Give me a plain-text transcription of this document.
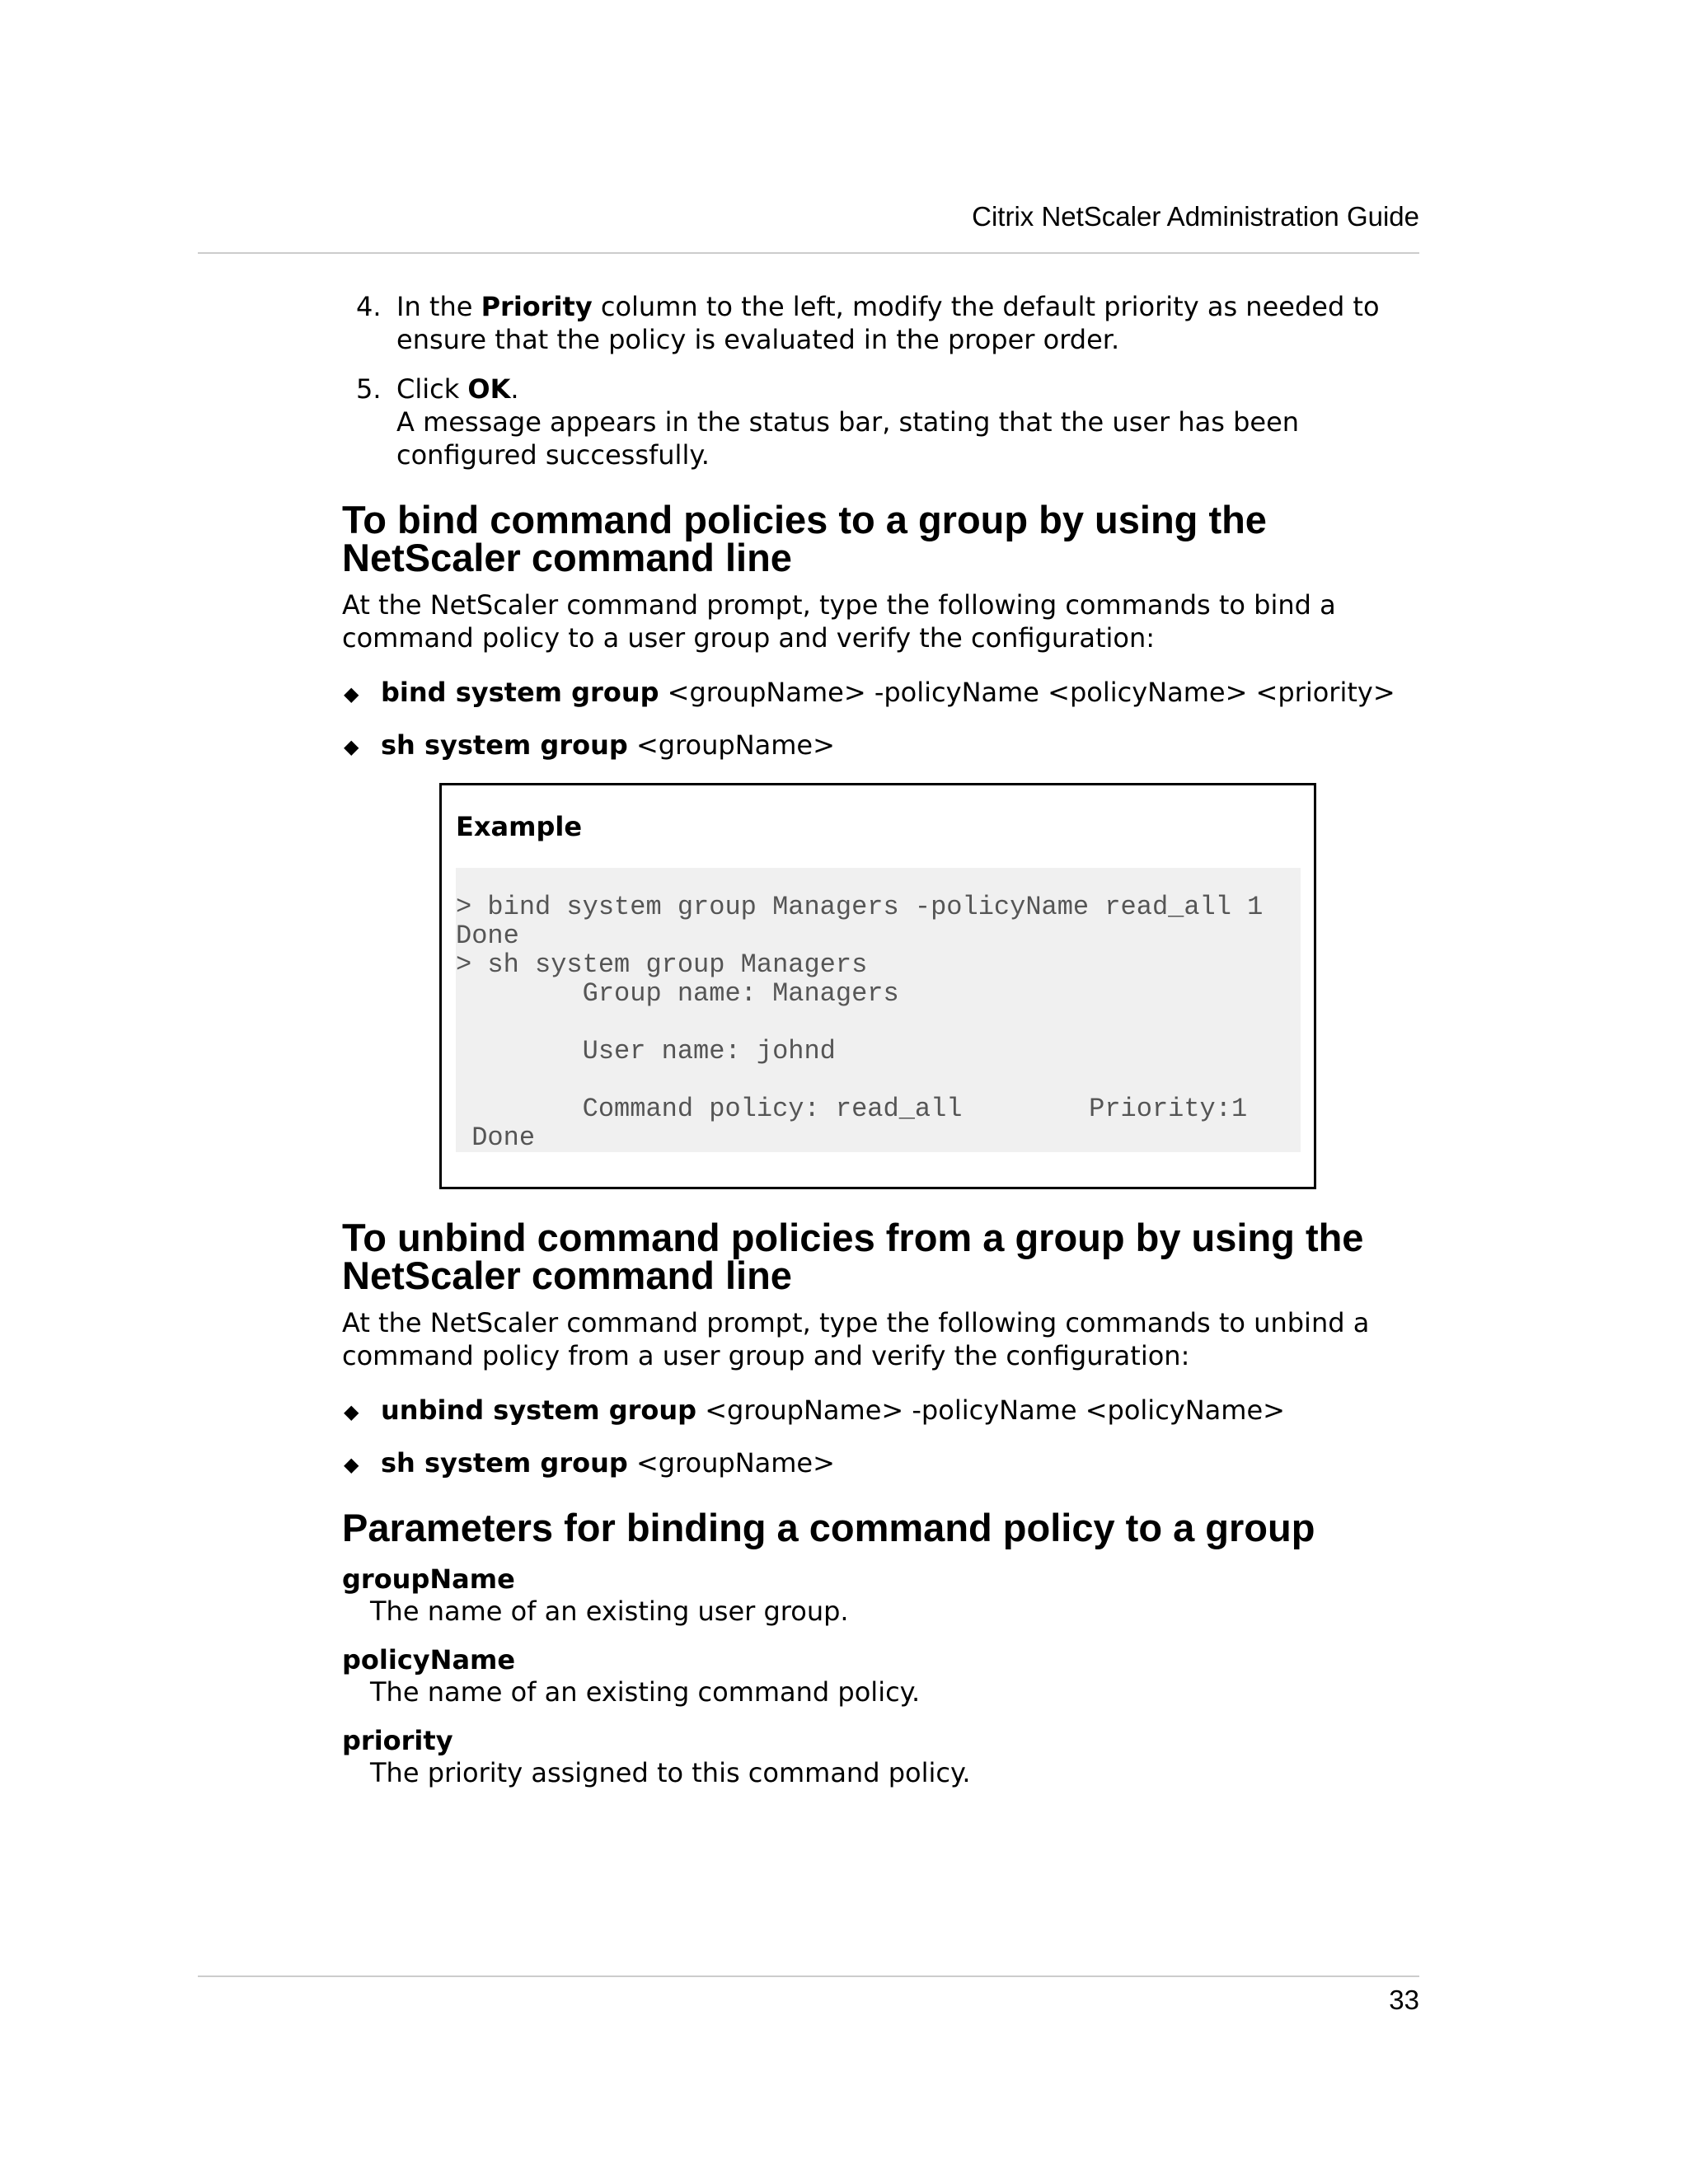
Citrix NetScaler Administration Guide
4. In the Priority column to the left, modify the default priority as needed to ensure that the policy is evaluated in the proper order.
5. Click OK.
A message appears in the status bar, stating that the user has been configured successfully.
To bind command policies to a group by using the NetScaler command line
At the NetScaler command prompt, type the following commands to bind a command policy to a user group and verify the configuration:
◆ bind system group <groupName> -policyName <policyName> <priority>
◆ sh system group <groupName>
Example
> bind system group Managers -policyName read_all 1
Done
> sh system group Managers
Group name: Managers

User name: johnd

Command policy: read_all        Priority:1
Done
To unbind command policies from a group by using the NetScaler command line
At the NetScaler command prompt, type the following commands to unbind a command policy from a user group and verify the configuration:
◆ unbind system group <groupName> -policyName <policyName>
◆ sh system group <groupName>
Parameters for binding a command policy to a group
groupName
The name of an existing user group.
policyName
The name of an existing command policy.
priority
The priority assigned to this command policy.
33
